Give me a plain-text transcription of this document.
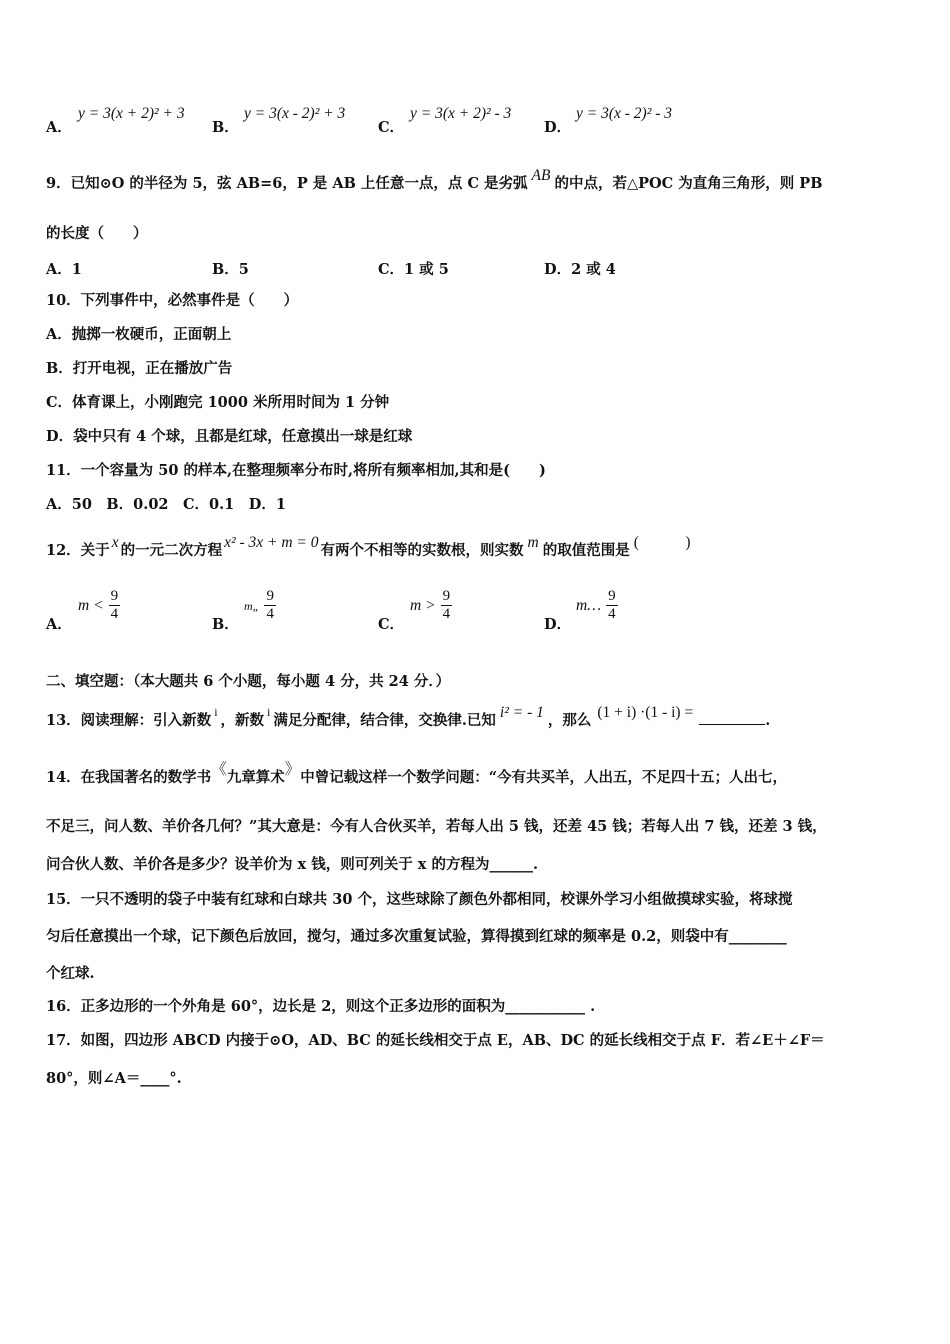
A．
y = 3(x + 2)² + 3
B．
y = 3(x - 2)² + 3
C．
y = 3(x + 2)² - 3
D．
y = 3(x - 2)² - 3
9．已知⊙O 的半径为 5，弦 AB=6，P 是 AB 上任意一点，点 C 是劣弧 AB 的中点，若△POC 为直角三角形，则 PB
的长度（　　）
A．1	B．5	C．1 或 5	D．2 或 4
10．下列事件中，必然事件是（　　）
A．抛掷一枚硬币，正面朝上
B．打开电视，正在播放广告
C．体育课上，小刚跑完 1000 米所用时间为 1 分钟
D．袋中只有 4 个球，且都是红球，任意摸出一球是红球
11．一个容量为 50 的样本,在整理频率分布时,将所有频率相加,其和是(　　)
A．50　B．0.02　C．0.1　D．1
12．关于 x 的一元二次方程 x² - 3x + m = 0 有两个不相等的实数根，则实数 m 的取值范围是 (　　　)
A．
$m < \frac{9}{4}$
B．
m„ $\frac{9}{4}$
C．
$m > \frac{9}{4}$
D．
m… $\frac{9}{4}$
二、填空题：（本大题共 6 个小题，每小题 4 分，共 24 分．）
13．阅读理解：引入新数 $^i$ ，新数 $^i$ 满足分配律，结合律，交换律.已知 i² = - 1 ，那么 (1 + i) ·(1 - i) =	.
14．在我国著名的数学书《九章算术》中曾记载这样一个数学问题：“今有共买羊，人出五，不足四十五；人出七，
不足三，问人数、羊价各几何？”其大意是：今有人合伙买羊，若每人出 5 钱，还差 45 钱；若每人出 7 钱，还差 3 钱，
问合伙人数、羊价各是多少？设羊价为 x 钱，则可列关于 x 的方程为______.
15．一只不透明的袋子中装有红球和白球共 30 个，这些球除了颜色外都相同，校课外学习小组做摸球实验，将球搅
匀后任意摸出一个球，记下颜色后放回，搅匀，通过多次重复试验，算得摸到红球的频率是 0.2，则袋中有________
个红球.
16．正多边形的一个外角是 60°，边长是 2，则这个正多边形的面积为___________ .
17．如图，四边形 ABCD 内接于⊙O，AD、BC 的延长线相交于点 E，AB、DC 的延长线相交于点 F．若∠E＋∠F＝
80°，则∠A＝____°.
